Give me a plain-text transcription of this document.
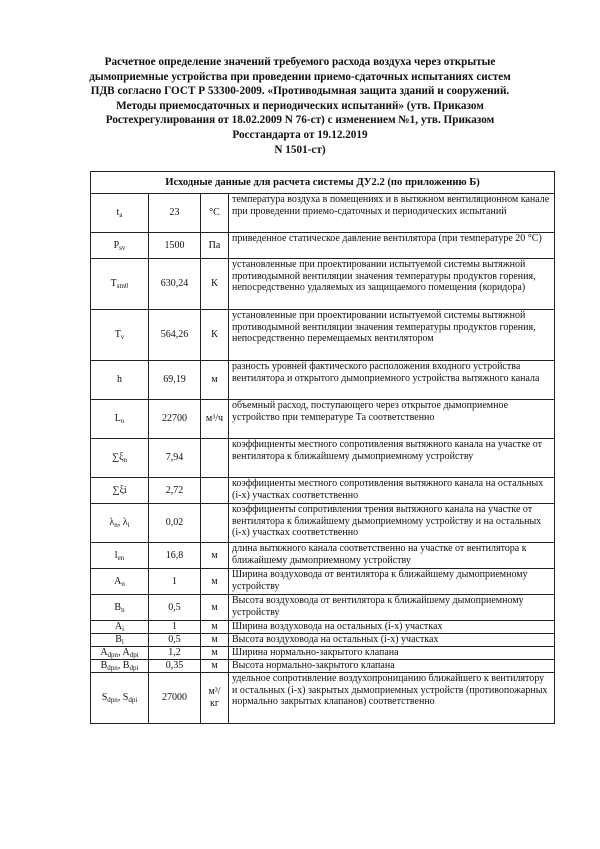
Расчетное определение значений требуемого расхода воздуха через открытые
дымоприемные устройства при проведении приемо-сдаточных испытаниях систем
ПДВ согласно ГОСТ Р 53300-2009. «Противодымная защита зданий и сооружений.
Методы приемосдаточных и периодических испытаний» (утв. Приказом
Ростехрегулирования от 18.02.2009 N 76-ст) с изменением №1, утв. Приказом
Росстандарта от 19.12.2019
N 1501-ст)
Исходные данные для расчета системы ДУ2.2 (по приложению Б)			
$t_a$	23	°C	температура воздуха в помещениях и в вытяжном вентиляционном канале при проведении приемо-сдаточных и периодических испытаний
$P_{sv}$	1500	Па	приведенное статическое давление вентилятора (при температуре 20 °С)
$T_{sm0}$	630,24	К	установленные при проектировании испытуемой системы вытяжной противодымной вентиляции значения температуры продуктов горения, непосредственно удаляемых из защищаемого помещения (коридора)
$T_v$	564,26	К	установленные при проектировании испытуемой системы вытяжной противодымной вентиляции значения температуры продуктов горения, непосредственно перемещаемых вентилятором
h	69,19	м	разность уровней фактического расположения входного устройства вентилятора и открытого дымоприемного устройства вытяжного канала
$L_o$	22700	м³/ч	объемный расход, поступающего через открытое дымоприемное устройство при температуре Та соответственно
$\sum\xi_n$	7,94		коэффициенты местного сопротивления вытяжного канала на участке от вентилятора к ближайшему дымоприемному устройству
∑ξi	2,72		коэффициенты местного сопротивления вытяжного канала на остальных (i-х) участках соответственно
$\lambda_n$, $\lambda_i$	0,02		коэффициенты сопротивления трения вытяжного канала на участке от вентилятора к ближайшему дымоприемному устройству и на остальных (i-х) участках соответственно
$l_{en}$	16,8	м	длина вытяжного канала соответственно на участке от вентилятора к ближайшему дымоприемному устройству
$A_n$	1	м	Ширина воздуховода от вентилятора к ближайшему дымоприемному устройству
$B_n$	0,5	м	Высота воздуховода от вентилятора к ближайшему дымоприемному устройству
$A_i$	1	м	Ширина воздуховода на остальных (i-х) участках
$B_i$	0,5	м	Высота воздуховода на остальных (i-х) участках
$A_{dpn}$, $A_{dpi}$	1,2	м	Ширина нормально-закрытого клапана
$B_{dpn}$, $B_{dpi}$	0,35	м	Высота нормально-закрытого клапана
$S_{dpn}$, $S_{dpi}$	27000	м³/кг	удельное сопротивление воздухопроницанию ближайшего к вентилятору и остальных (i-х) закрытых дымоприемных устройств (противопожарных нормально закрытых клапанов) соответственно
